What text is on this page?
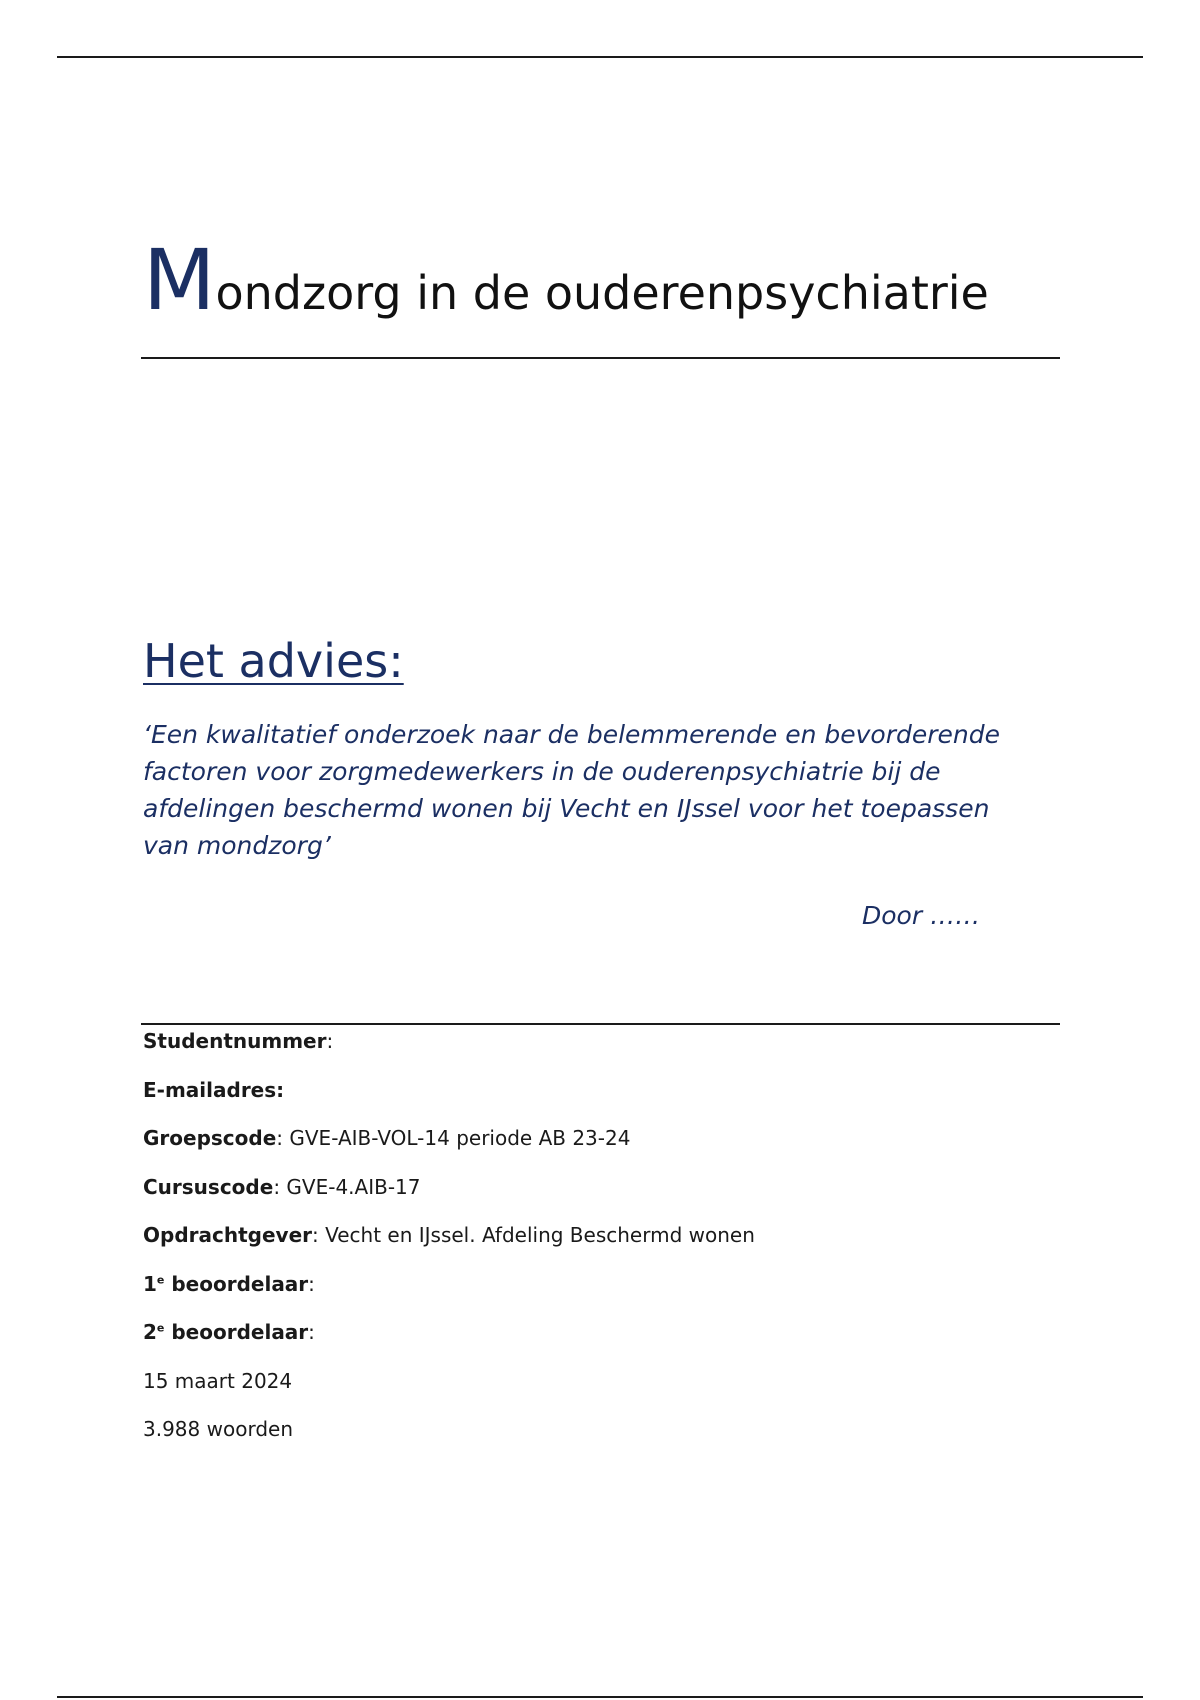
Mondzorg in de ouderenpsychiatrie
Het advies:
‘Een kwalitatief onderzoek naar de belemmerende en bevorderende factoren voor zorgmedewerkers in de ouderenpsychiatrie bij de afdelingen beschermd wonen bij Vecht en IJssel voor het toepassen van mondzorg’
Door ……
Studentnummer:
E-mailadres:
Groepscode: GVE-AIB-VOL-14 periode AB 23-24
Cursuscode: GVE-4.AIB-17
Opdrachtgever: Vecht en IJssel. Afdeling Beschermd wonen
1e beoordelaar:
2e beoordelaar:
15 maart 2024
3.988 woorden
